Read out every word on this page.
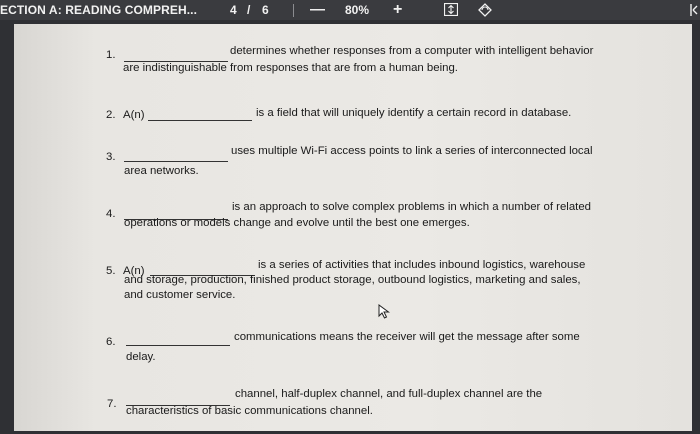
ECTION A: READING COMPREH...	4 / 6	— 80% +
1.	determines whether responses from a computer with intelligent behavior
are indistinguishable from responses that are from a human being.
2. A(n)	is a field that will uniquely identify a certain record in database.
3.	uses multiple Wi-Fi access points to link a series of interconnected local
area networks.
4.
is an approach to solve complex problems in which a number of related
operations or models change and evolve until the best one emerges.
5. A(n)	is a series of activities that includes inbound logistics, warehouse
and storage, production, finished product storage, outbound logistics, marketing and sales,
and customer service.
6.	communications means the receiver will get the message after some
delay.
7.
channel, half-duplex channel, and full-duplex channel are the
characteristics of basic communications channel.
